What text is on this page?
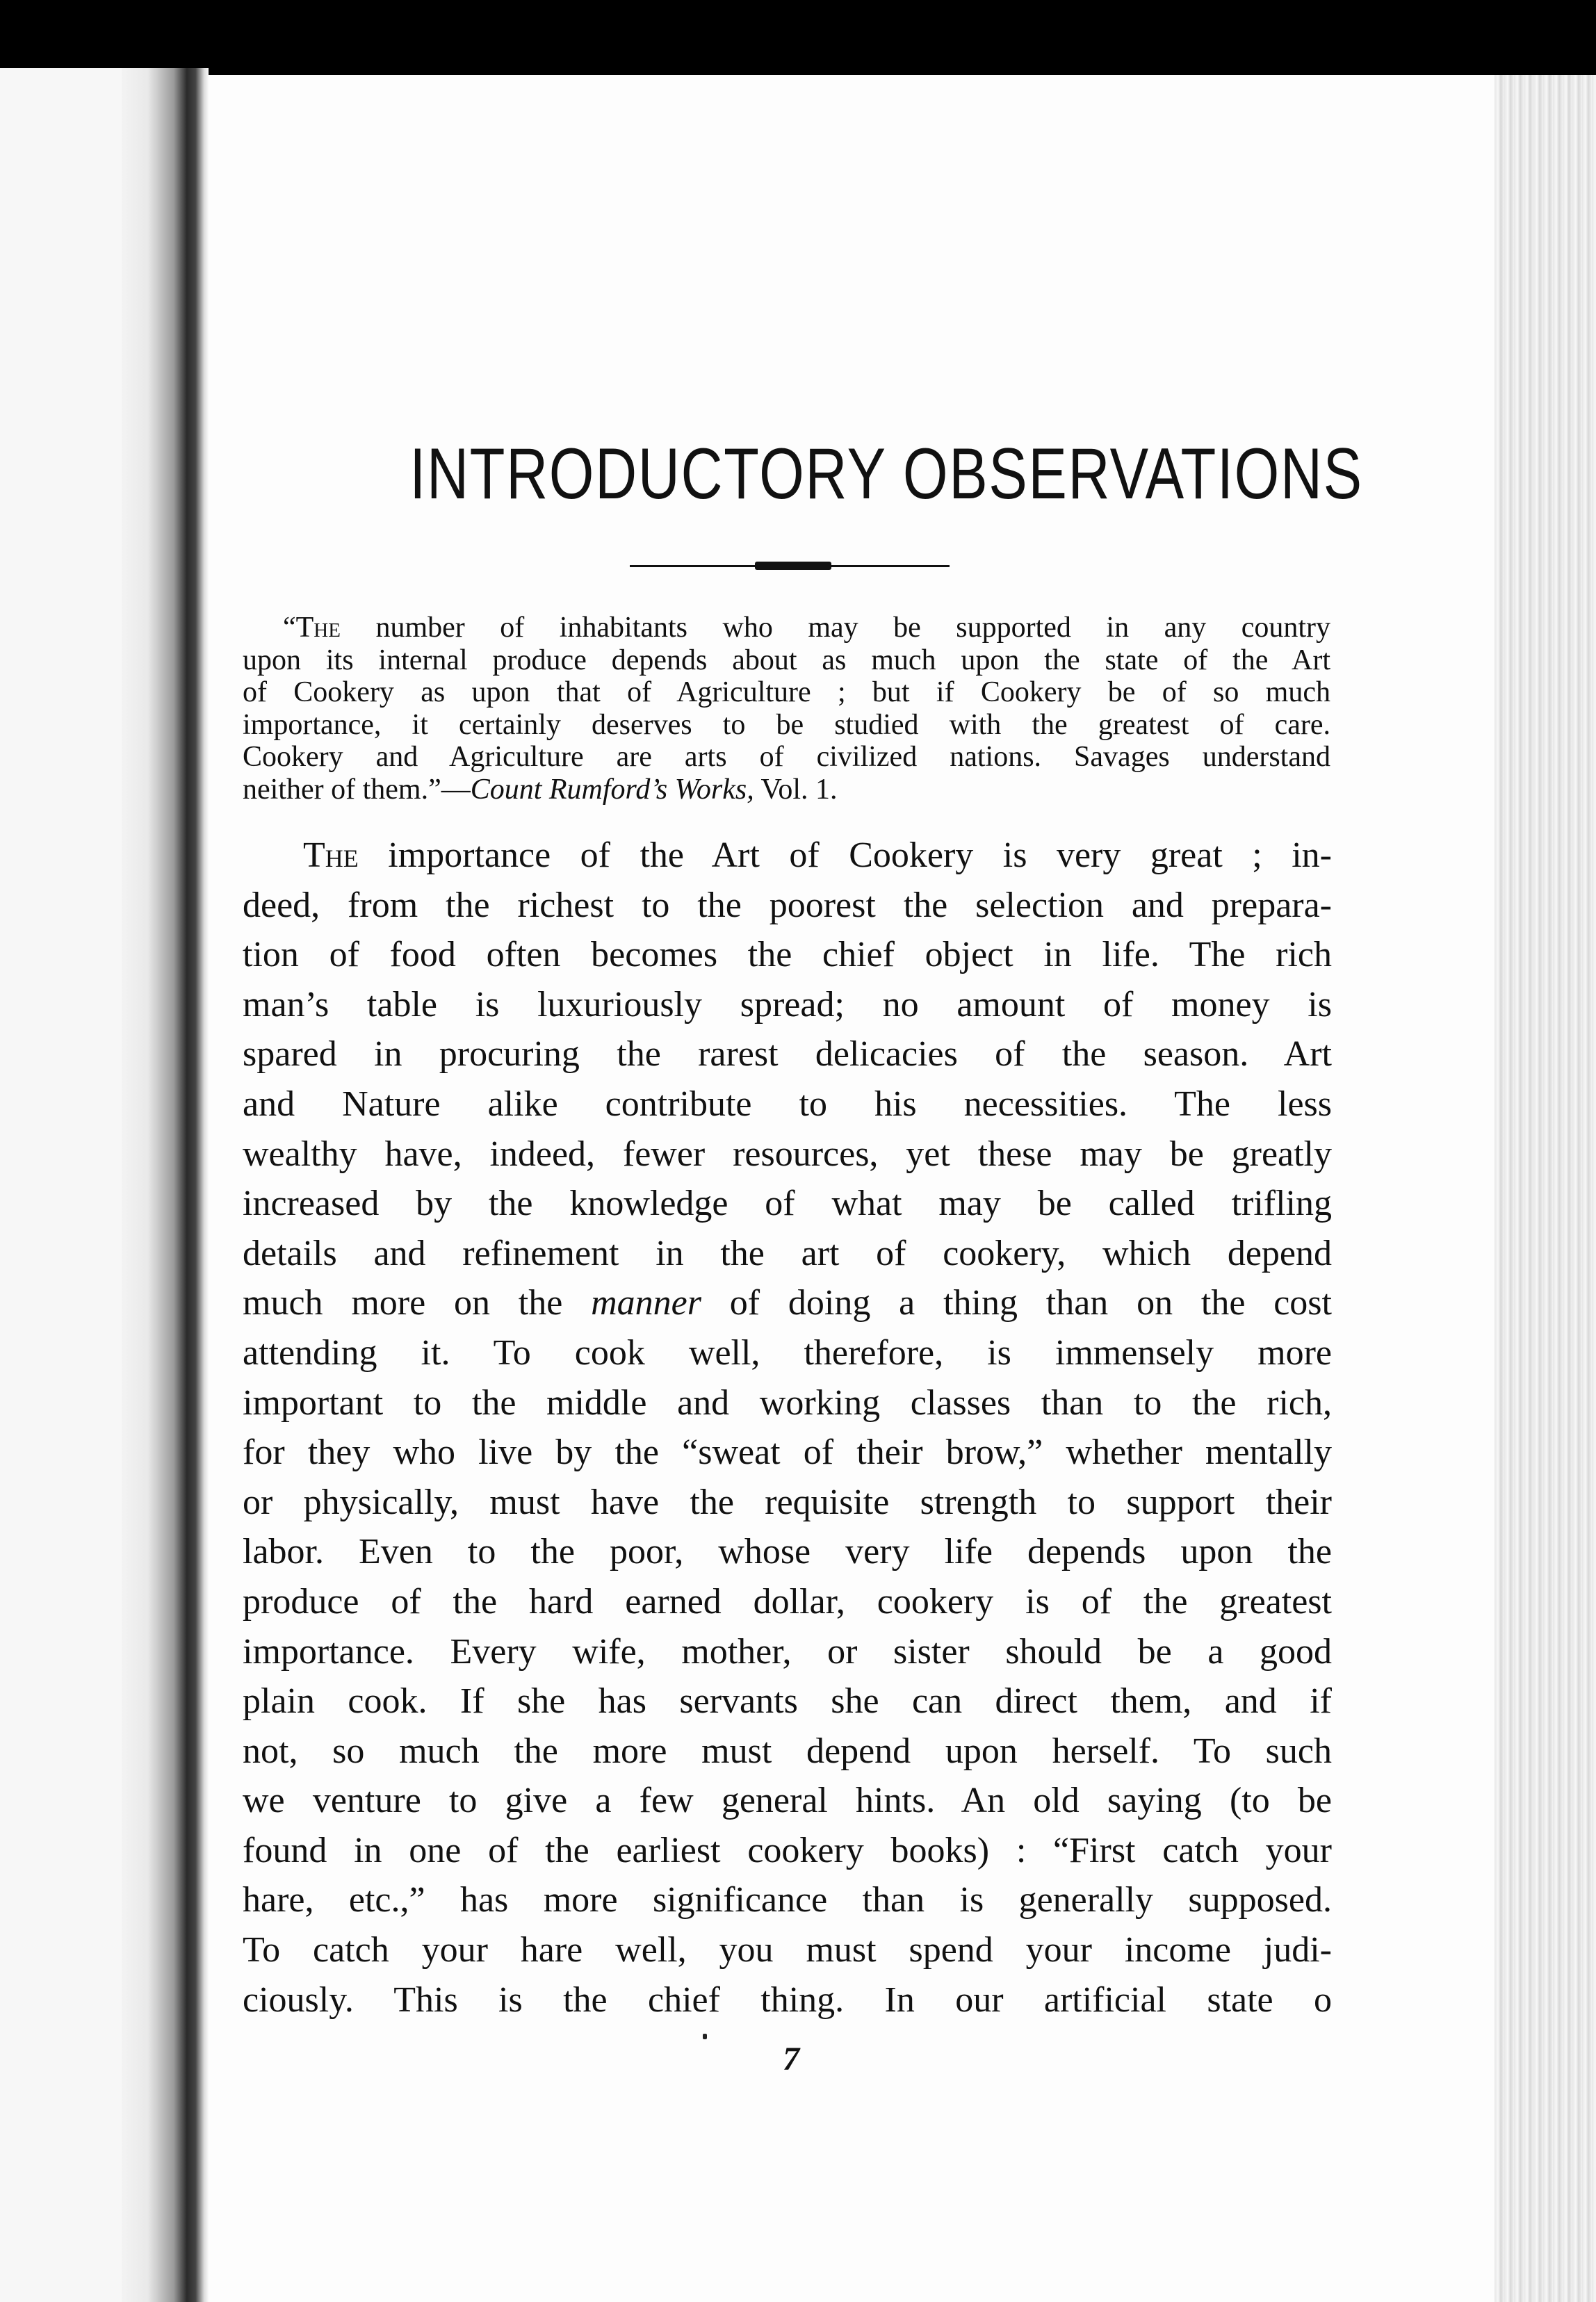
INTRODUCTORY OBSERVATIONS
“The number of inhabitants who may be supported in any country
upon its internal produce depends about as much upon the state of the Art
of Cookery as upon that of Agriculture ; but if Cookery be of so much
importance, it certainly deserves to be studied with the greatest of care.
Cookery and Agriculture are arts of civilized nations. Savages understand
neither of them.”—Count Rumford’s Works, Vol. 1.
The importance of the Art of Cookery is very great ; in-
deed, from the richest to the poorest the selection and prepara-
tion of food often becomes the chief object in life. The rich
man’s table is luxuriously spread; no amount of money is
spared in procuring the rarest delicacies of the season. Art
and Nature alike contribute to his necessities. The less
wealthy have, indeed, fewer resources, yet these may be greatly
increased by the knowledge of what may be called trifling
details and refinement in the art of cookery, which depend
much more on the manner of doing a thing than on the cost
attending it. To cook well, therefore, is immensely more
important to the middle and working classes than to the rich,
for they who live by the “sweat of their brow,” whether mentally
or physically, must have the requisite strength to support their
labor. Even to the poor, whose very life depends upon the
produce of the hard earned dollar, cookery is of the greatest
importance. Every wife, mother, or sister should be a good
plain cook. If she has servants she can direct them, and if
not, so much the more must depend upon herself. To such
we venture to give a few general hints. An old saying (to be
found in one of the earliest cookery books) : “First catch your
hare, etc.,” has more significance than is generally supposed.
To catch your hare well, you must spend your income judi-
ciously. This is the chief thing. In our artificial state o
7
